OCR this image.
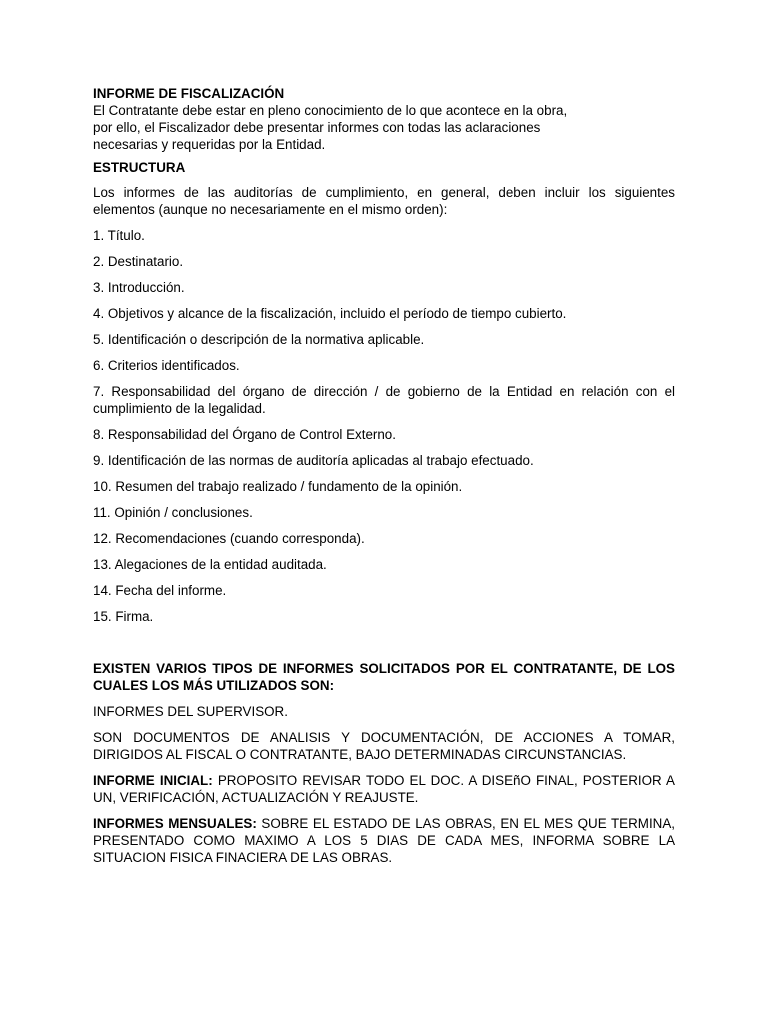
INFORME DE FISCALIZACIÓN

El Contratante debe estar en pleno conocimiento de lo que acontece en la obra, por ello, el Fiscalizador debe presentar informes con todas las aclaraciones necesarias y requeridas por la Entidad.

ESTRUCTURA

Los informes de las auditorías de cumplimiento, en general, deben incluir los siguientes elementos (aunque no necesariamente en el mismo orden):

1. Título.
2. Destinatario.
3. Introducción.
4. Objetivos y alcance de la fiscalización, incluido el período de tiempo cubierto.
5. Identificación o descripción de la normativa aplicable.
6. Criterios identificados.
7. Responsabilidad del órgano de dirección / de gobierno de la Entidad en relación con el cumplimiento de la legalidad.
8. Responsabilidad del Órgano de Control Externo.
9. Identificación de las normas de auditoría aplicadas al trabajo efectuado.
10. Resumen del trabajo realizado / fundamento de la opinión.
11. Opinión / conclusiones.
12. Recomendaciones (cuando corresponda).
13. Alegaciones de la entidad auditada.
14. Fecha del informe.
15. Firma.

EXISTEN VARIOS TIPOS DE INFORMES SOLICITADOS POR EL CONTRATANTE, DE LOS CUALES LOS MÁS UTILIZADOS SON:

INFORMES DEL SUPERVISOR.

SON DOCUMENTOS DE ANALISIS Y DOCUMENTACIÓN, DE ACCIONES A TOMAR, DIRIGIDOS AL FISCAL O CONTRATANTE, BAJO DETERMINADAS CIRCUNSTANCIAS.

INFORME INICIAL: PROPOSITO REVISAR TODO EL DOC. A DISEñO FINAL, POSTERIOR A UN, VERIFICACIÓN, ACTUALIZACIÓN Y REAJUSTE.

INFORMES MENSUALES: SOBRE EL ESTADO DE LAS OBRAS, EN EL MES QUE TERMINA, PRESENTADO COMO MAXIMO A LOS 5 DIAS DE CADA MES, INFORMA SOBRE LA SITUACION FISICA FINACIERA DE LAS OBRAS.
